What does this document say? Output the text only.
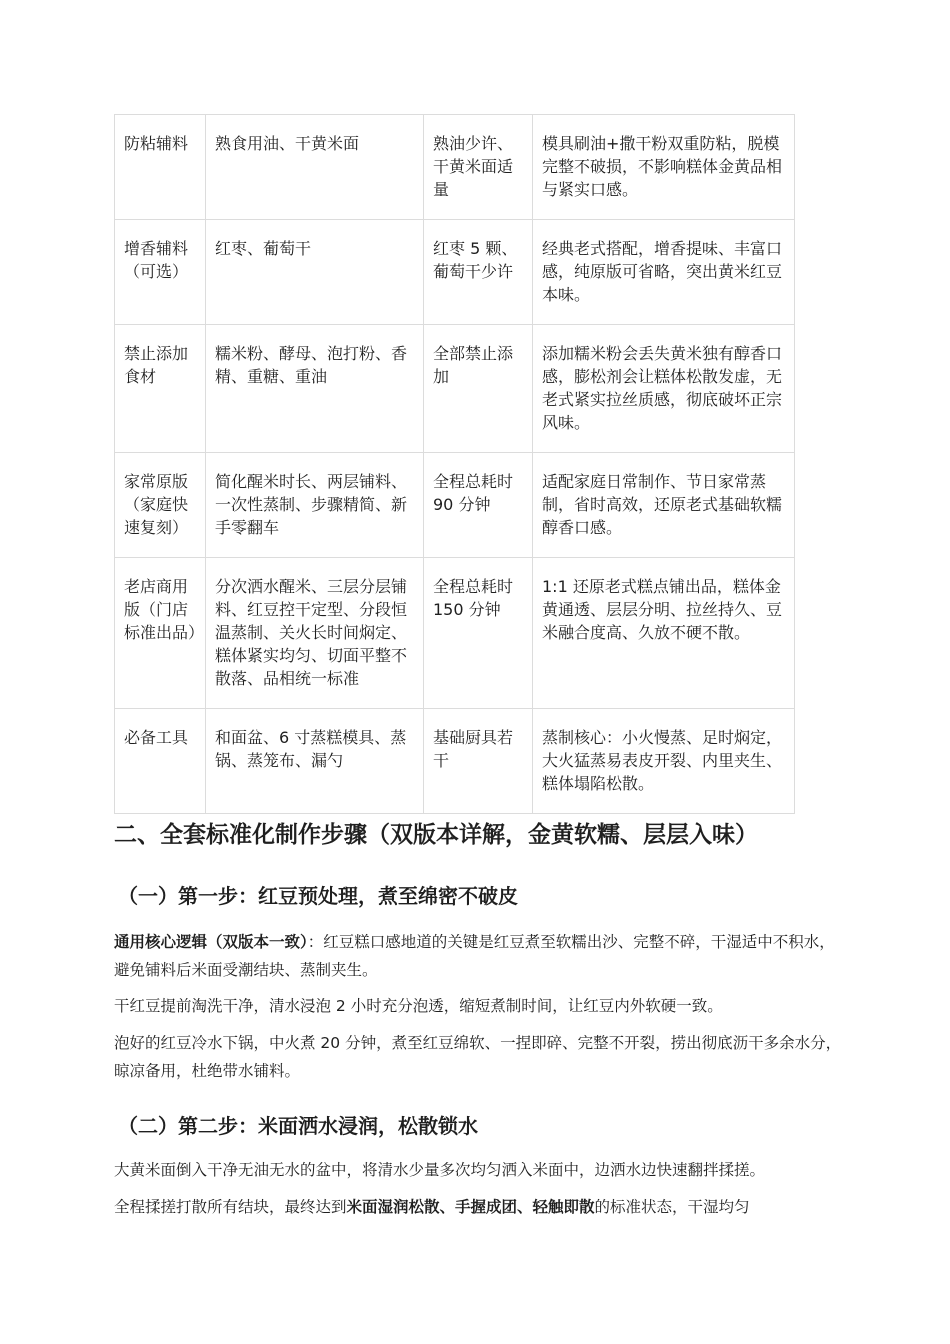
防粘辅料	熟食用油、干黄米面	熟油少许、干黄米面适量	模具刷油+撒干粉双重防粘，脱模完整不破损，不影响糕体金黄品相与紧实口感。
增香辅料（可选）	红枣、葡萄干	红枣 5 颗、葡萄干少许	经典老式搭配，增香提味、丰富口感，纯原版可省略，突出黄米红豆本味。
禁止添加食材	糯米粉、酵母、泡打粉、香精、重糖、重油	全部禁止添加	添加糯米粉会丢失黄米独有醇香口感，膨松剂会让糕体松散发虚，无老式紧实拉丝质感，彻底破坏正宗风味。
家常原版（家庭快速复刻）	简化醒米时长、两层铺料、一次性蒸制、步骤精简、新手零翻车	全程总耗时 90 分钟	适配家庭日常制作、节日家常蒸制，省时高效，还原老式基础软糯醇香口感。
老店商用版（门店标准出品）	分次洒水醒米、三层分层铺料、红豆控干定型、分段恒温蒸制、关火长时间焖定、糕体紧实均匀、切面平整不散落、品相统一标准	全程总耗时 150 分钟	1:1 还原老式糕点铺出品，糕体金黄通透、层层分明、拉丝持久、豆米融合度高、久放不硬不散。
必备工具	和面盆、6 寸蒸糕模具、蒸锅、蒸笼布、漏勺	基础厨具若干	蒸制核心：小火慢蒸、足时焖定，大火猛蒸易表皮开裂、内里夹生、糕体塌陷松散。
二、全套标准化制作步骤（双版本详解，金黄软糯、层层入味）
（一）第一步：红豆预处理，煮至绵密不破皮

通用核心逻辑（双版本一致）：红豆糕口感地道的关键是红豆煮至软糯出沙、完整不碎，干湿适中不积水，避免铺料后米面受潮结块、蒸制夹生。

干红豆提前淘洗干净，清水浸泡 2 小时充分泡透，缩短煮制时间，让红豆内外软硬一致。

泡好的红豆冷水下锅，中火煮 20 分钟，煮至红豆绵软、一捏即碎、完整不开裂，捞出彻底沥干多余水分，晾凉备用，杜绝带水铺料。

（二）第二步：米面洒水浸润，松散锁水

大黄米面倒入干净无油无水的盆中，将清水少量多次均匀洒入米面中，边洒水边快速翻拌揉搓。

全程揉搓打散所有结块，最终达到米面湿润松散、手握成团、轻触即散的标准状态，干湿均匀
